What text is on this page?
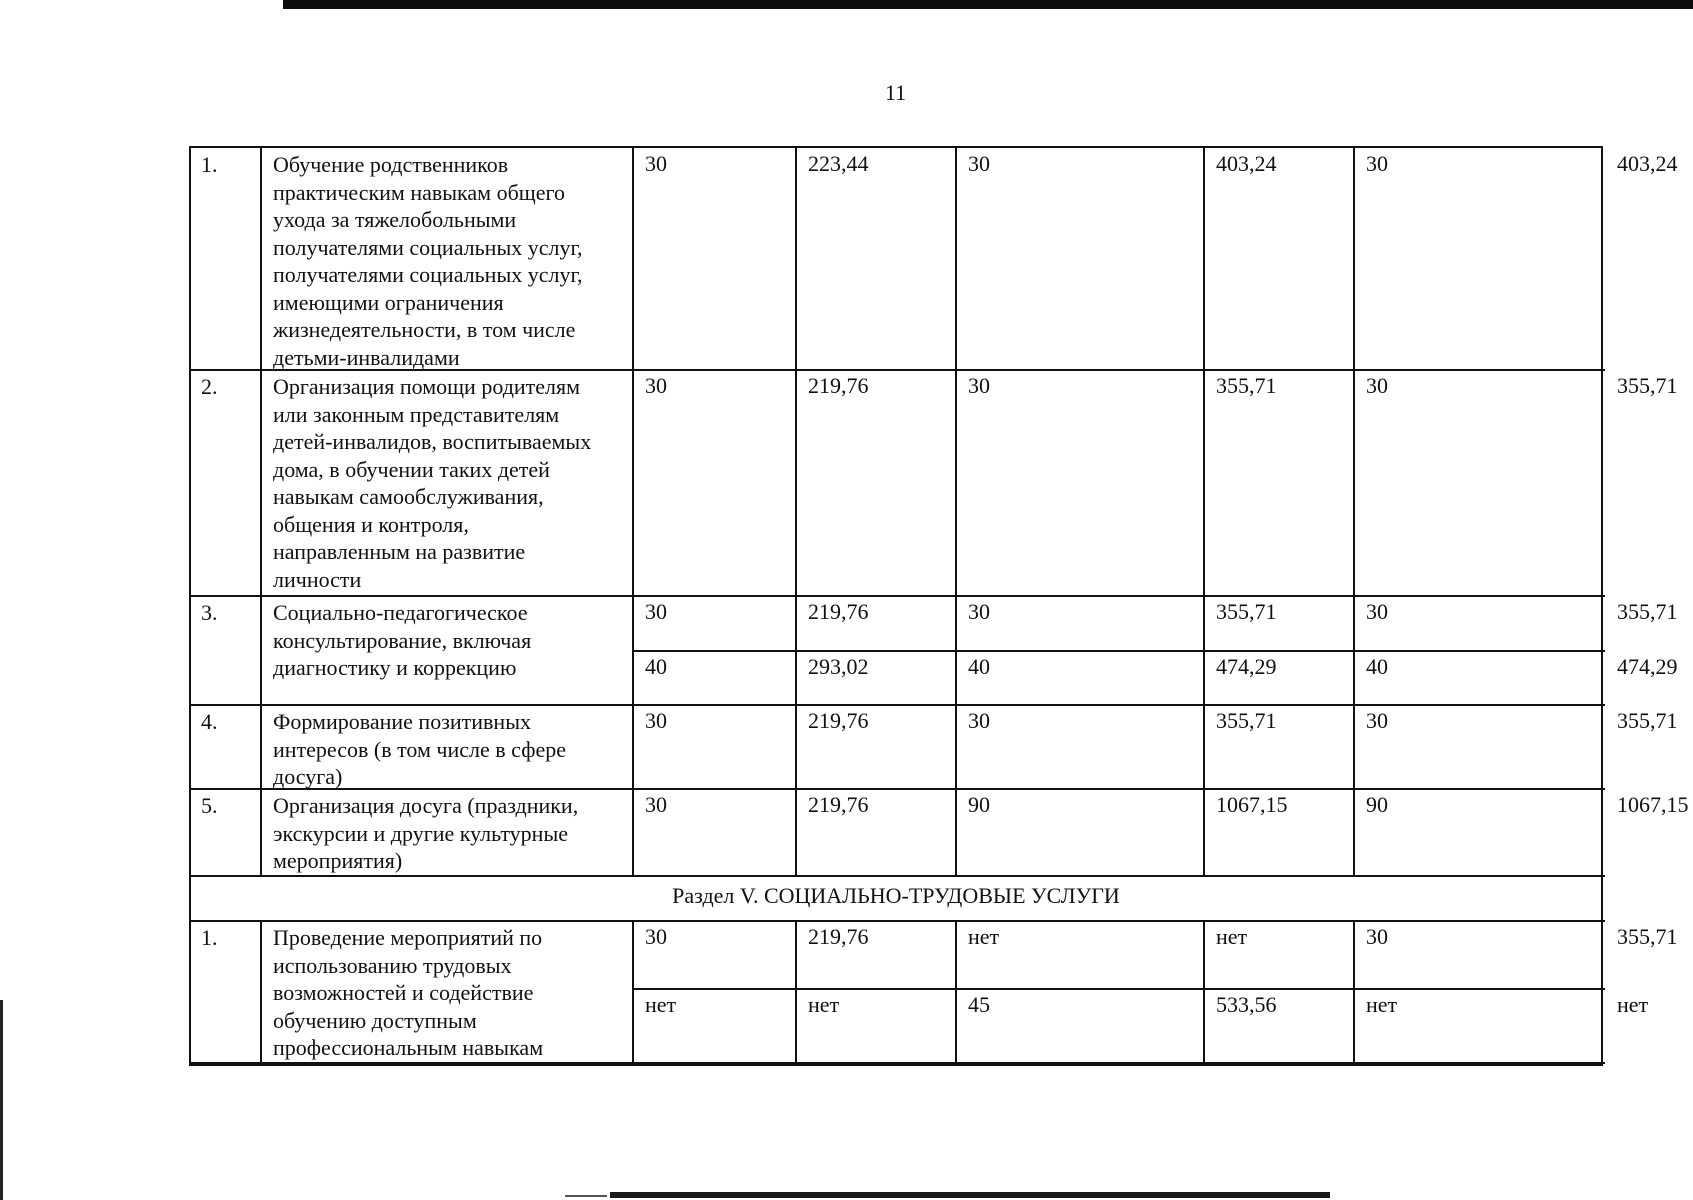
11
1.	Обучение родственников
практическим навыкам общего
ухода за тяжелобольными
получателями социальных услуг,
получателями социальных услуг,
имеющими ограничения
жизнедеятельности, в том числе
детьми-инвалидами
30	223,44	30	403,24	30	403,24
2.	Организация помощи родителям
или законным представителям
детей-инвалидов, воспитываемых
дома, в обучении таких детей
навыкам самообслуживания,
общения и контроля,
направленным на развитие
личности
30	219,76	30	355,71	30	355,71
3.	Социально-педагогическое
консультирование, включая
диагностику и коррекцию
30	219,76	30	355,71	30	355,71
40	293,02	40	474,29	40	474,29
4.	Формирование позитивных
интересов (в том числе в сфере
досуга)
30	219,76	30	355,71	30	355,71
5.	Организация досуга (праздники,
экскурсии и другие культурные
мероприятия)
30	219,76	90	1067,15	90	1067,15
Раздел V. СОЦИАЛЬНО-ТРУДОВЫЕ УСЛУГИ
1.	Проведение мероприятий по
использованию трудовых
возможностей и содействие
обучению доступным
профессиональным навыкам
30	219,76	нет	нет	30	355,71
нет	нет	45	533,56	нет	нет
